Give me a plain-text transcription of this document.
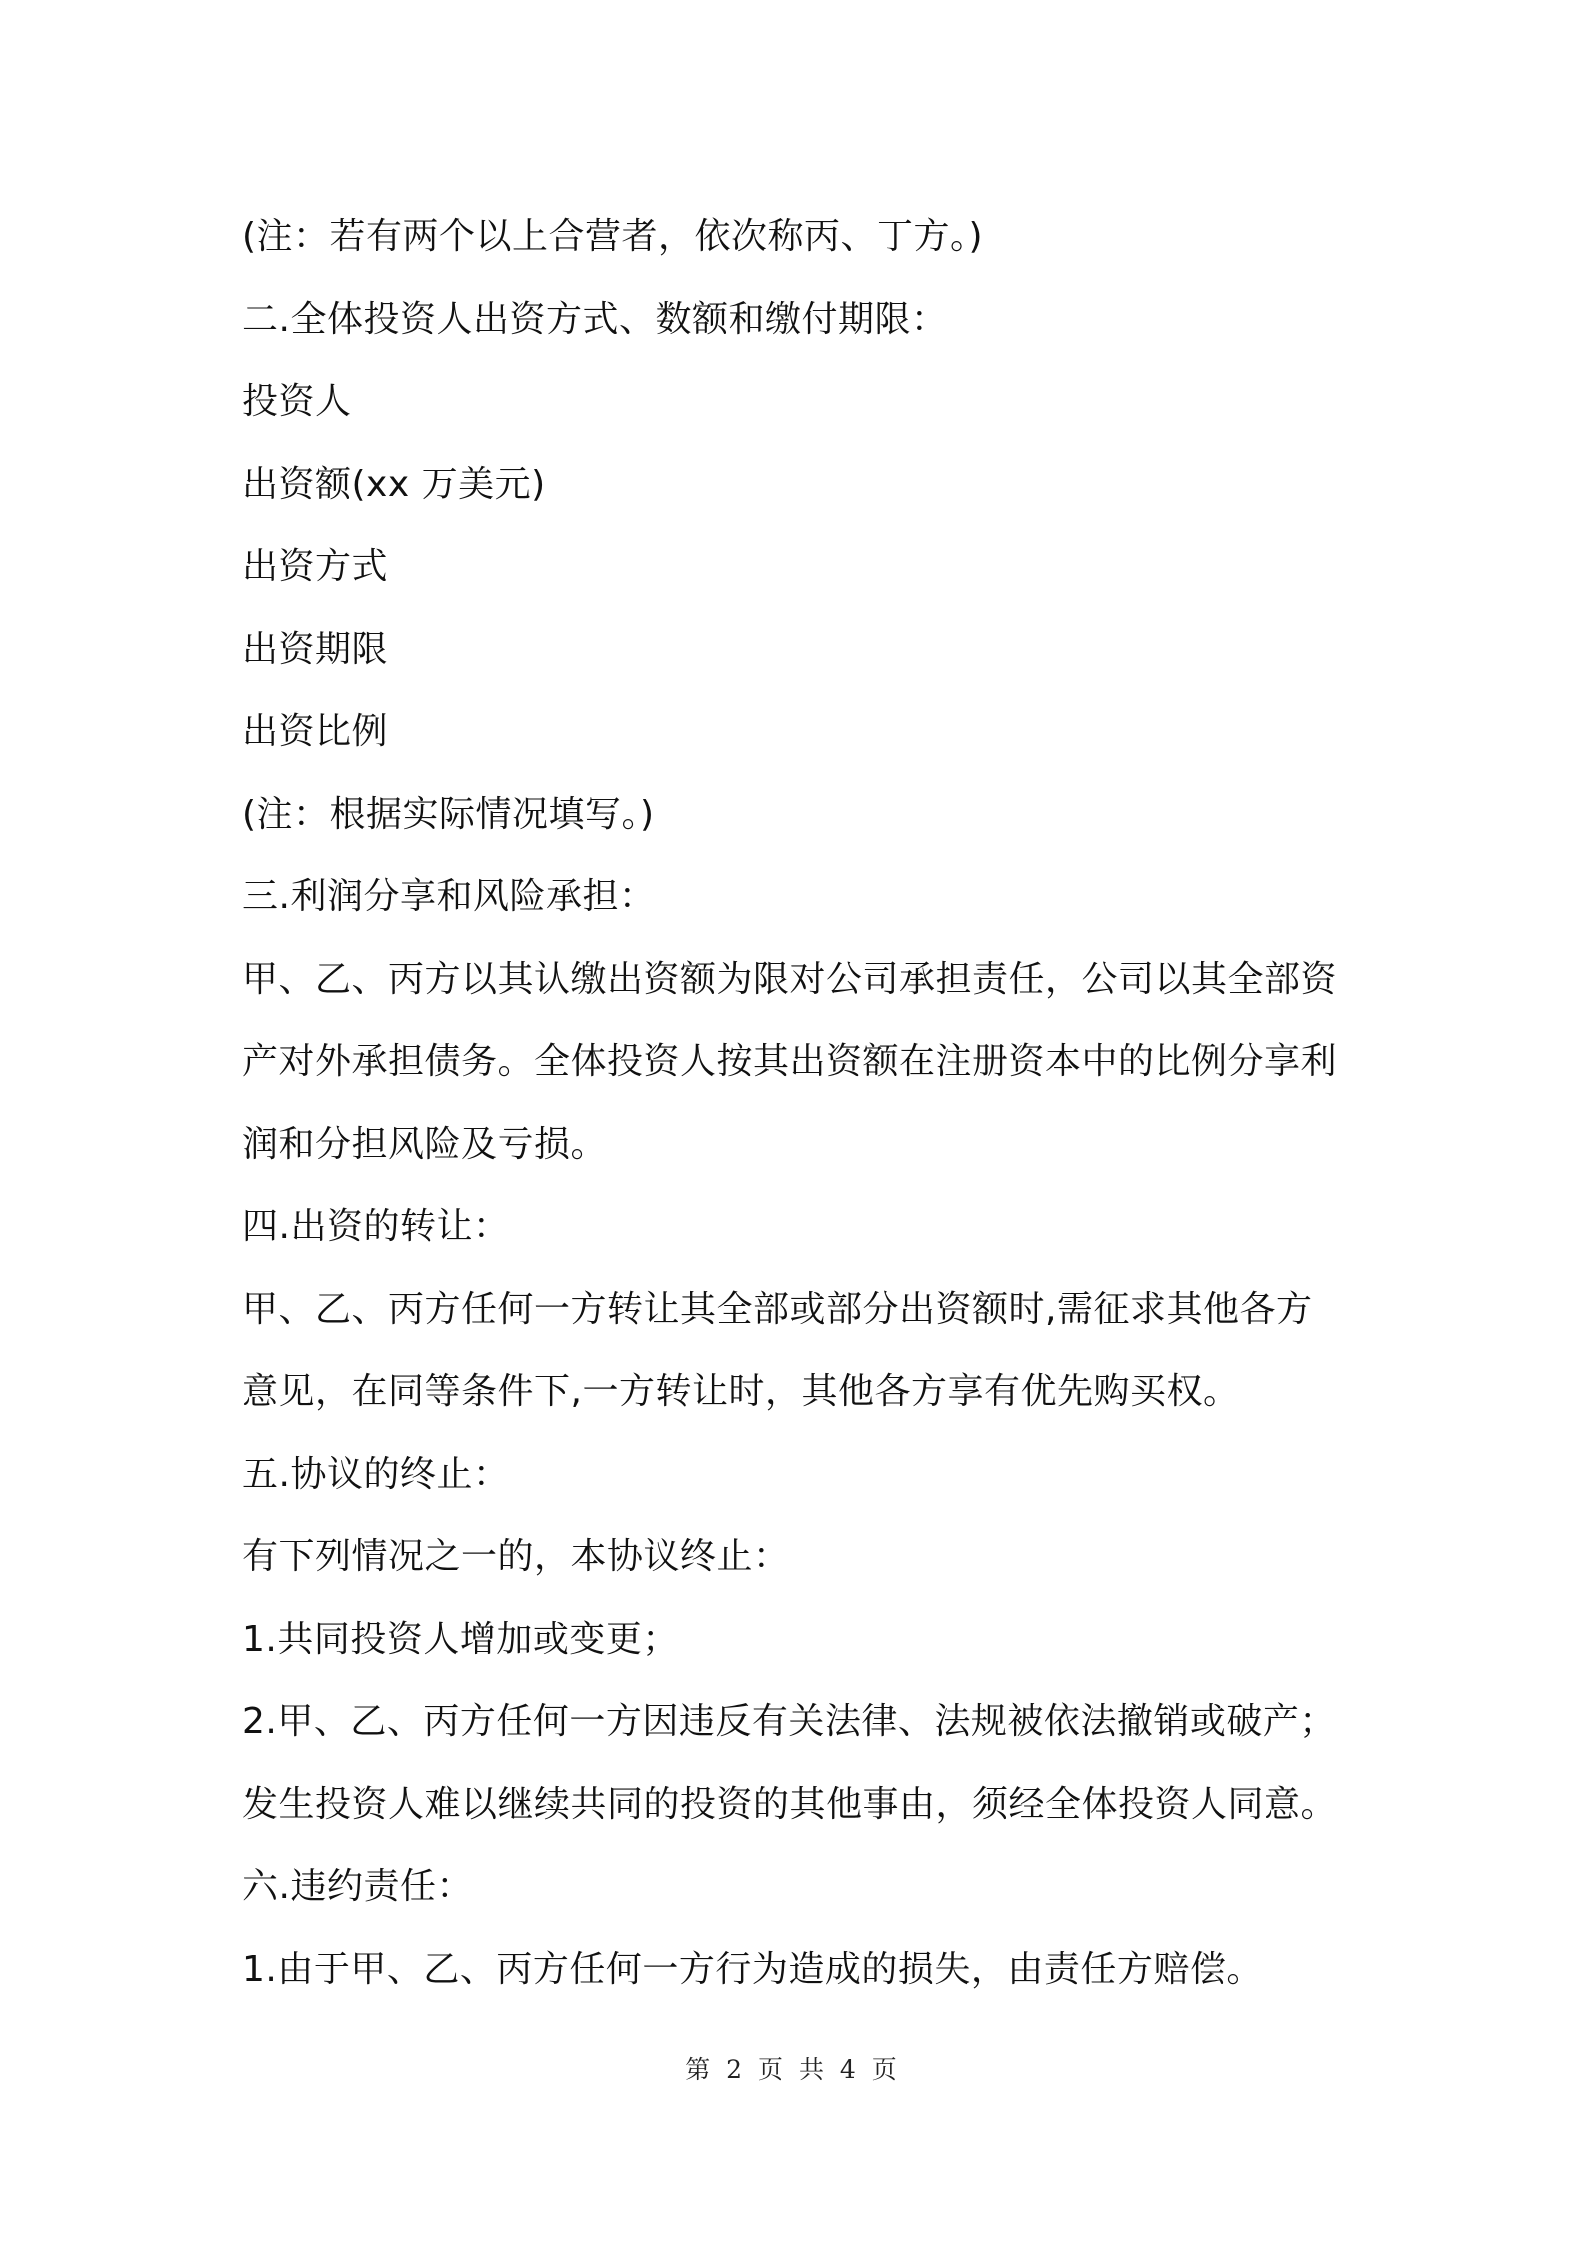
(注：若有两个以上合营者，依次称丙、丁方。)
二.全体投资人出资方式、数额和缴付期限：
投资人
出资额(xx 万美元)
出资方式
出资期限
出资比例
(注：根据实际情况填写。)
三.利润分享和风险承担：
甲、乙、丙方以其认缴出资额为限对公司承担责任，公司以其全部资
产对外承担债务。全体投资人按其出资额在注册资本中的比例分享利
润和分担风险及亏损。
四.出资的转让：
甲、乙、丙方任何一方转让其全部或部分出资额时,需征求其他各方
意见，在同等条件下,一方转让时，其他各方享有优先购买权。
五.协议的终止：
有下列情况之一的，本协议终止：
1.共同投资人增加或变更；
2.甲、乙、丙方任何一方因违反有关法律、法规被依法撤销或破产；
发生投资人难以继续共同的投资的其他事由，须经全体投资人同意。
六.违约责任：
1.由于甲、乙、丙方任何一方行为造成的损失，由责任方赔偿。
第 2 页 共 4 页
